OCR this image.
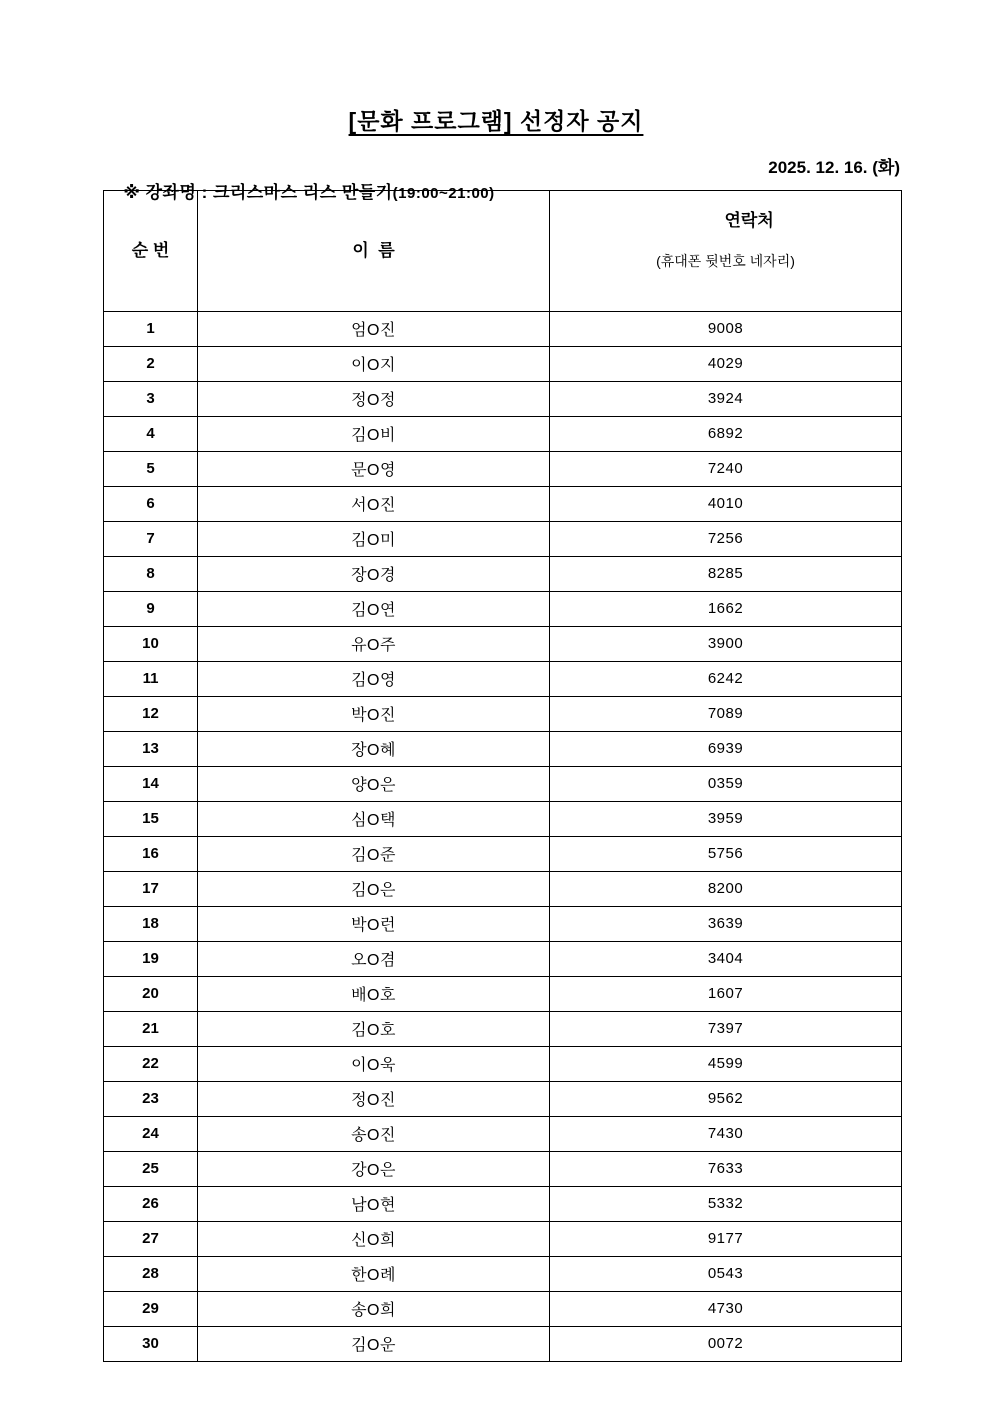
[문화 프로그램] 선정자 공지

※ 강좌명 : 크리스마스 리스 만들기(19:00~21:00)

2025. 12. 16. (화)
순 번	이  름	연락처

(휴대폰 뒷번호 네자리)

1	엄O진	9008
2	이O지	4029
3	정O정	3924
4	김O비	6892
5	문O영	7240
6	서O진	4010
7	김O미	7256
8	장O경	8285
9	김O연	1662
10	유O주	3900
11	김O영	6242
12	박O진	7089
13	장O혜	6939
14	양O은	0359
15	심O택	3959
16	김O준	5756
17	김O은	8200
18	박O런	3639
19	오O겸	3404
20	배O호	1607
21	김O호	7397
22	이O욱	4599
23	정O진	9562
24	송O진	7430
25	강O은	7633
26	남O현	5332
27	신O희	9177
28	한O례	0543
29	송O희	4730
30	김O운	0072
